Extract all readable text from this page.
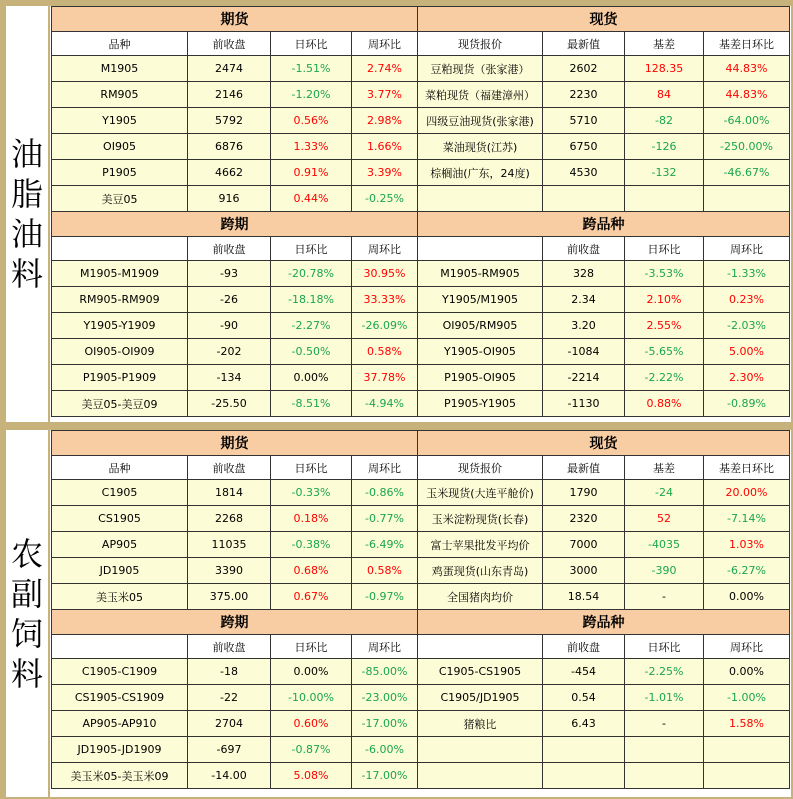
油脂油料
期货				现货			
品种	前收盘	日环比	周环比	现货报价	最新值	基差	基差日环比
M1905	2474	-1.51%	2.74%	豆粕现货（张家港）	2602	128.35	44.83%
RM905	2146	-1.20%	3.77%	菜粕现货（福建漳州）	2230	84	44.83%
Y1905	5792	0.56%	2.98%	四级豆油现货(张家港)	5710	-82	-64.00%
OI905	6876	1.33%	1.66%	菜油现货(江苏)	6750	-126	-250.00%
P1905	4662	0.91%	3.39%	棕榈油(广东，24度)	4530	-132	-46.67%
美豆05	916	0.44%	-0.25%				
跨期				跨品种			
	前收盘	日环比	周环比		前收盘	日环比	周环比
M1905-M1909	-93	-20.78%	30.95%	M1905-RM905	328	-3.53%	-1.33%
RM905-RM909	-26	-18.18%	33.33%	Y1905/M1905	2.34	2.10%	0.23%
Y1905-Y1909	-90	-2.27%	-26.09%	OI905/RM905	3.20	2.55%	-2.03%
OI905-OI909	-202	-0.50%	0.58%	Y1905-OI905	-1084	-5.65%	5.00%
P1905-P1909	-134	0.00%	37.78%	P1905-OI905	-2214	-2.22%	2.30%
美豆05-美豆09	-25.50	-8.51%	-4.94%	P1905-Y1905	-1130	0.88%	-0.89%
农副饲料
期货				现货			
品种	前收盘	日环比	周环比	现货报价	最新值	基差	基差日环比
C1905	1814	-0.33%	-0.86%	玉米现货(大连平舱价)	1790	-24	20.00%
CS1905	2268	0.18%	-0.77%	玉米淀粉现货(长春)	2320	52	-7.14%
AP905	11035	-0.38%	-6.49%	富士苹果批发平均价	7000	-4035	1.03%
JD1905	3390	0.68%	0.58%	鸡蛋现货(山东青岛)	3000	-390	-6.27%
美玉米05	375.00	0.67%	-0.97%	全国猪肉均价	18.54	-	0.00%
跨期				跨品种			
	前收盘	日环比	周环比		前收盘	日环比	周环比
C1905-C1909	-18	0.00%	-85.00%	C1905-CS1905	-454	-2.25%	0.00%
CS1905-CS1909	-22	-10.00%	-23.00%	C1905/JD1905	0.54	-1.01%	-1.00%
AP905-AP910	2704	0.60%	-17.00%	猪粮比	6.43	-	1.58%
JD1905-JD1909	-697	-0.87%	-6.00%				
美玉米05-美玉米09	-14.00	5.08%	-17.00%				
